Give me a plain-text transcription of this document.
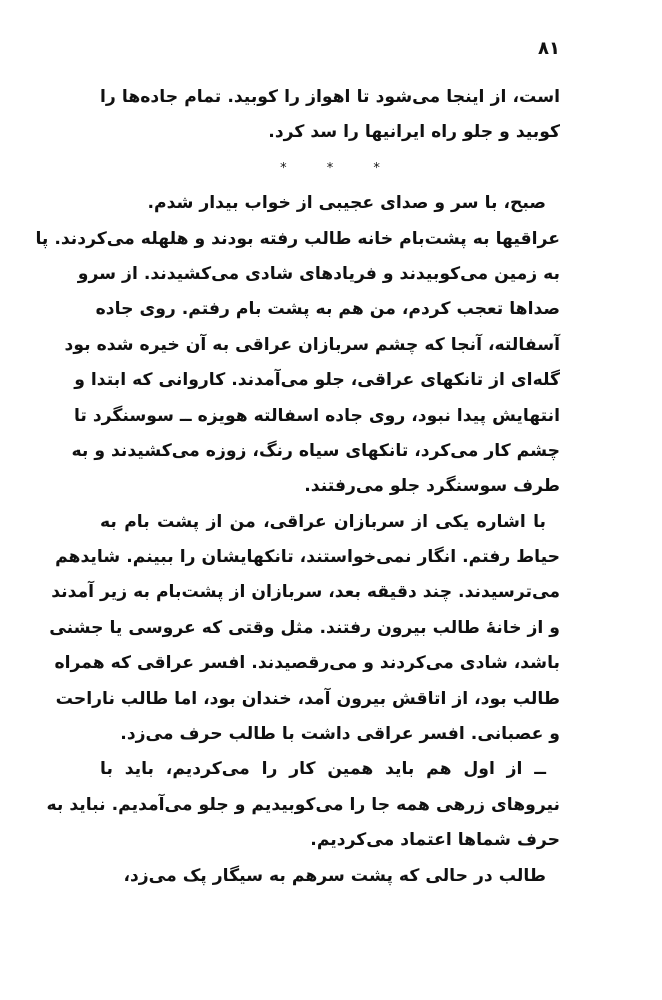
۸۱
است، از اینجا می‌شود تا اهواز را کوبید. تمام جاده‌ها را
کوبید و جلو راه ایرانیها را سد کرد.
* * *
صبح، با سر و صدای عجیبی از خواب بیدار شدم.
عراقیها به پشت‌بام خانه طالب رفته بودند و هلهله می‌کردند. پا
به زمین می‌کوبیدند و فریادهای شادی می‌کشیدند. از سرو
صداها تعجب کردم، من هم به پشت بام رفتم. روی جاده
آسفالته، آنجا که چشم سربازان عراقی به آن خیره شده بود
گله‌ای از تانکهای عراقی، جلو می‌آمدند. کاروانی که ابتدا و
انتهایش پیدا نبود، روی جاده اسفالته هویزه ــ سوسنگرد تا
چشم کار می‌کرد، تانکهای سیاه رنگ، زوزه می‌کشیدند و به
طرف سوسنگرد جلو می‌رفتند.
با اشاره یکی از سربازان عراقی، من از پشت بام به
حیاط رفتم. انگار نمی‌خواستند، تانکهایشان را ببینم. شایدهم
می‌ترسیدند. چند دقیقه بعد، سربازان از پشت‌بام به زیر آمدند
و از خانهٔ طالب بیرون رفتند. مثل وقتی که عروسی یا جشنی
باشد، شادی می‌کردند و می‌رقصیدند. افسر عراقی که همراه
طالب بود، از اتاقش بیرون آمد، خندان بود، اما طالب ناراحت
و عصبانی. افسر عراقی داشت با طالب حرف می‌زد.
ــ از اول هم باید همین کار را می‌کردیم، باید با
نیروهای زرهی همه جا را می‌کوبیدیم و جلو می‌آمدیم. نباید به
حرف شماها اعتماد می‌کردیم.
طالب در حالی که پشت سرهم به سیگار پک می‌زد،
